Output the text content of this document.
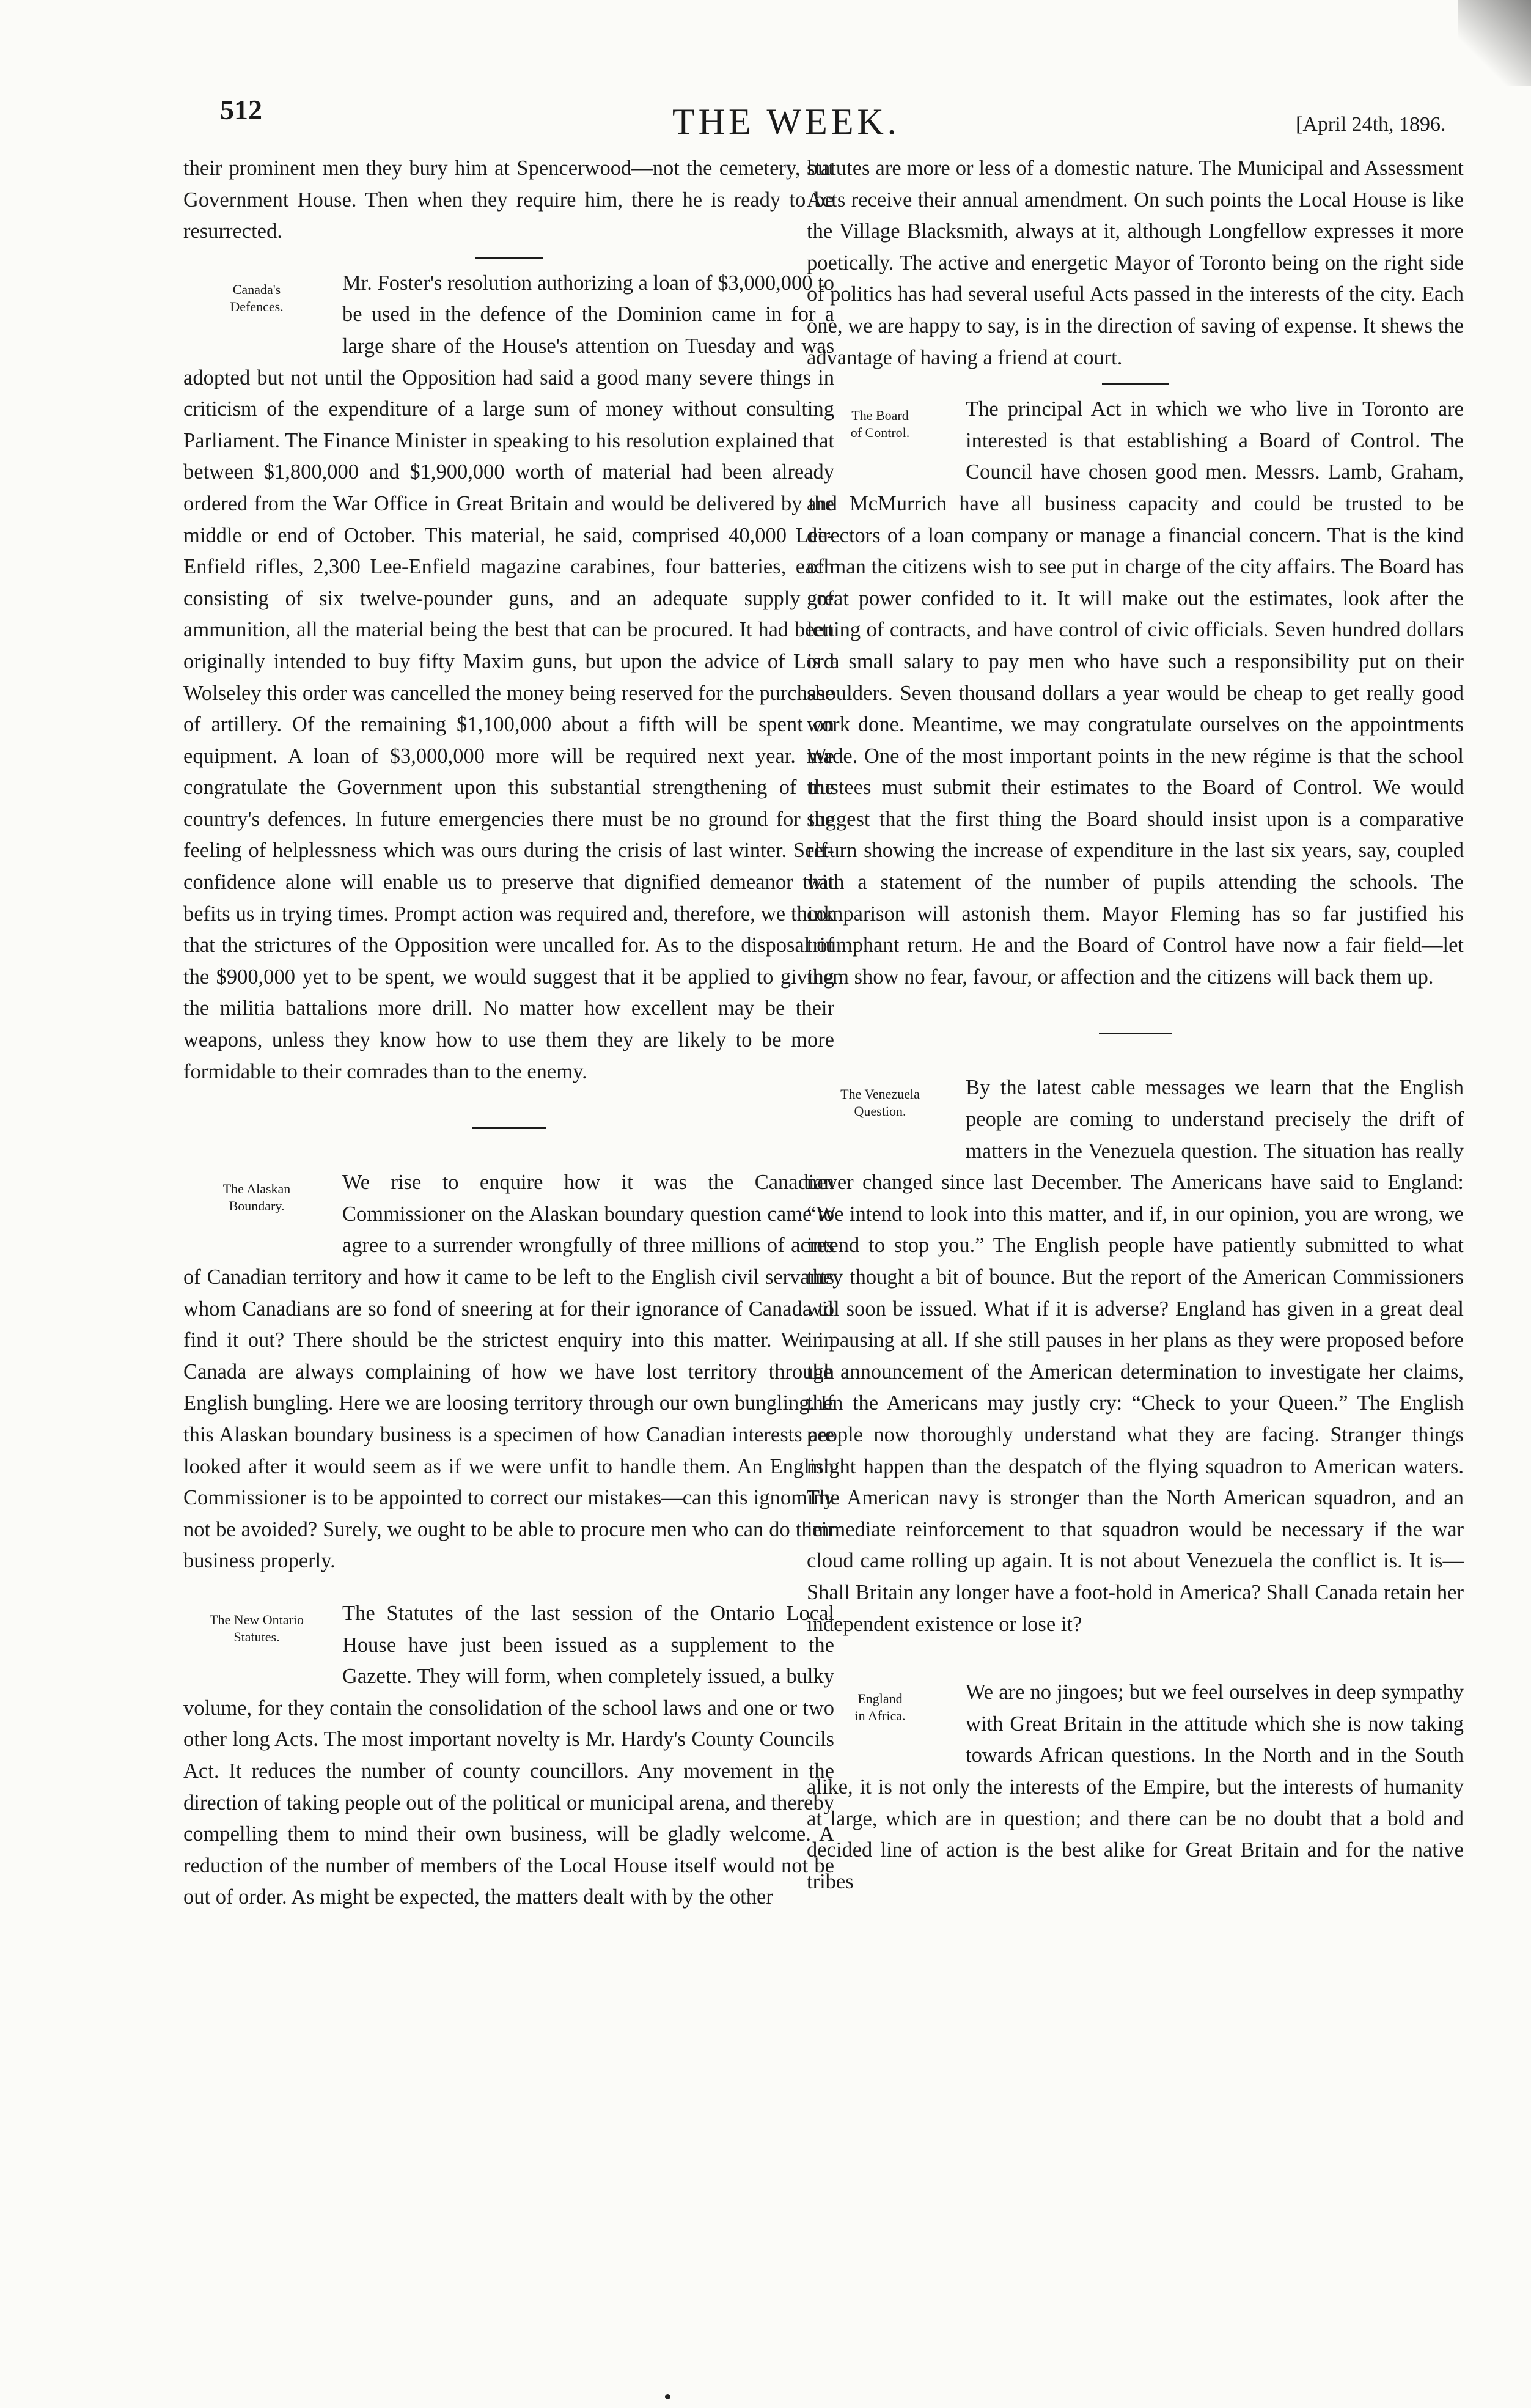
512	THE WEEK.	[April 24th, 1896.

their prominent men they bury him at Spencerwood—not the cemetery, but Government House. Then when they require him, there he is ready to be resurrected.

Canada's
Defences.

Mr. Foster's resolution authorizing a loan of $3,000,000 to be used in the defence of the Dominion came in for a large share of the House's attention on Tuesday and was adopted but not until the Opposition had said a good many severe things in criticism of the expenditure of a large sum of money without consulting Parliament. The Finance Minister in speaking to his resolution explained that between $1,800,000 and $1,900,000 worth of material had been already ordered from the War Office in Great Britain and would be delivered by the middle or end of October. This material, he said, comprised 40,000 Lee-Enfield rifles, 2,300 Lee-Enfield magazine carabines, four batteries, each consisting of six twelve-pounder guns, and an adequate supply of ammunition, all the material being the best that can be procured. It had been originally intended to buy fifty Maxim guns, but upon the advice of Lord Wolseley this order was cancelled the money being reserved for the purchase of artillery. Of the remaining $1,100,000 about a fifth will be spent on equipment. A loan of $3,000,000 more will be required next year. We congratulate the Government upon this substantial strengthening of the country's defences. In future emergencies there must be no ground for the feeling of helplessness which was ours during the crisis of last winter. Self-confidence alone will enable us to preserve that dignified demeanor that befits us in trying times. Prompt action was required and, therefore, we think that the strictures of the Opposition were uncalled for. As to the disposal of the $900,000 yet to be spent, we would suggest that it be applied to giving the militia battalions more drill. No matter how excellent may be their weapons, unless they know how to use them they are likely to be more formidable to their comrades than to the enemy.

The Alaskan
Boundary.

We rise to enquire how it was the Canadian Commissioner on the Alaskan boundary question came to agree to a surrender wrongfully of three millions of acres of Canadian territory and how it came to be left to the English civil servants whom Canadians are so fond of sneering at for their ignorance of Canada to find it out? There should be the strictest enquiry into this matter. We in Canada are always complaining of how we have lost territory through English bungling. Here we are loosing territory through our own bungling. If this Alaskan boundary business is a specimen of how Canadian interests are looked after it would seem as if we were unfit to handle them. An English Commissioner is to be appointed to correct our mistakes—can this ignominy not be avoided? Surely, we ought to be able to procure men who can do their business properly.

The New Ontario
Statutes.

The Statutes of the last session of the Ontario Local House have just been issued as a supplement to the Gazette. They will form, when completely issued, a bulky volume, for they contain the consolidation of the school laws and one or two other long Acts. The most important novelty is Mr. Hardy's County Councils Act. It reduces the number of county councillors. Any movement in the direction of taking people out of the political or municipal arena, and thereby compelling them to mind their own business, will be gladly welcome. A reduction of the number of members of the Local House itself would not be out of order. As might be expected, the matters dealt with by the other

statutes are more or less of a domestic nature. The Municipal and Assessment Acts receive their annual amendment. On such points the Local House is like the Village Blacksmith, always at it, although Longfellow expresses it more poetically. The active and energetic Mayor of Toronto being on the right side of politics has had several useful Acts passed in the interests of the city. Each one, we are happy to say, is in the direction of saving of expense. It shews the advantage of having a friend at court.

The Board
of Control.

The principal Act in which we who live in Toronto are interested is that establishing a Board of Control. The Council have chosen good men. Messrs. Lamb, Graham, and McMurrich have all business capacity and could be trusted to be directors of a loan company or manage a financial concern. That is the kind of man the citizens wish to see put in charge of the city affairs. The Board has great power confided to it. It will make out the estimates, look after the letting of contracts, and have control of civic officials. Seven hundred dollars is a small salary to pay men who have such a responsibility put on their shoulders. Seven thousand dollars a year would be cheap to get really good work done. Meantime, we may congratulate ourselves on the appointments made. One of the most important points in the new régime is that the school trustees must submit their estimates to the Board of Control. We would suggest that the first thing the Board should insist upon is a comparative return showing the increase of expenditure in the last six years, say, coupled with a statement of the number of pupils attending the schools. The comparison will astonish them. Mayor Fleming has so far justified his triumphant return. He and the Board of Control have now a fair field—let them show no fear, favour, or affection and the citizens will back them up.

The Venezuela
Question.

By the latest cable messages we learn that the English people are coming to understand precisely the drift of matters in the Venezuela question. The situation has really never changed since last December. The Americans have said to England: “We intend to look into this matter, and if, in our opinion, you are wrong, we intend to stop you.” The English people have patiently submitted to what they thought a bit of bounce. But the report of the American Commissioners will soon be issued. What if it is adverse? England has given in a great deal in pausing at all. If she still pauses in her plans as they were proposed before the announcement of the American determination to investigate her claims, then the Americans may justly cry: “Check to your Queen.” The English people now thoroughly understand what they are facing. Stranger things might happen than the despatch of the flying squadron to American waters. The American navy is stronger than the North American squadron, and an immediate reinforcement to that squadron would be necessary if the war cloud came rolling up again. It is not about Venezuela the conflict is. It is—Shall Britain any longer have a foot-hold in America? Shall Canada retain her independent existence or lose it?

England
in Africa.

We are no jingoes; but we feel ourselves in deep sympathy with Great Britain in the attitude which she is now taking towards African questions. In the North and in the South alike, it is not only the interests of the Empire, but the interests of humanity at large, which are in question; and there can be no doubt that a bold and decided line of action is the best alike for Great Britain and for the native tribes
